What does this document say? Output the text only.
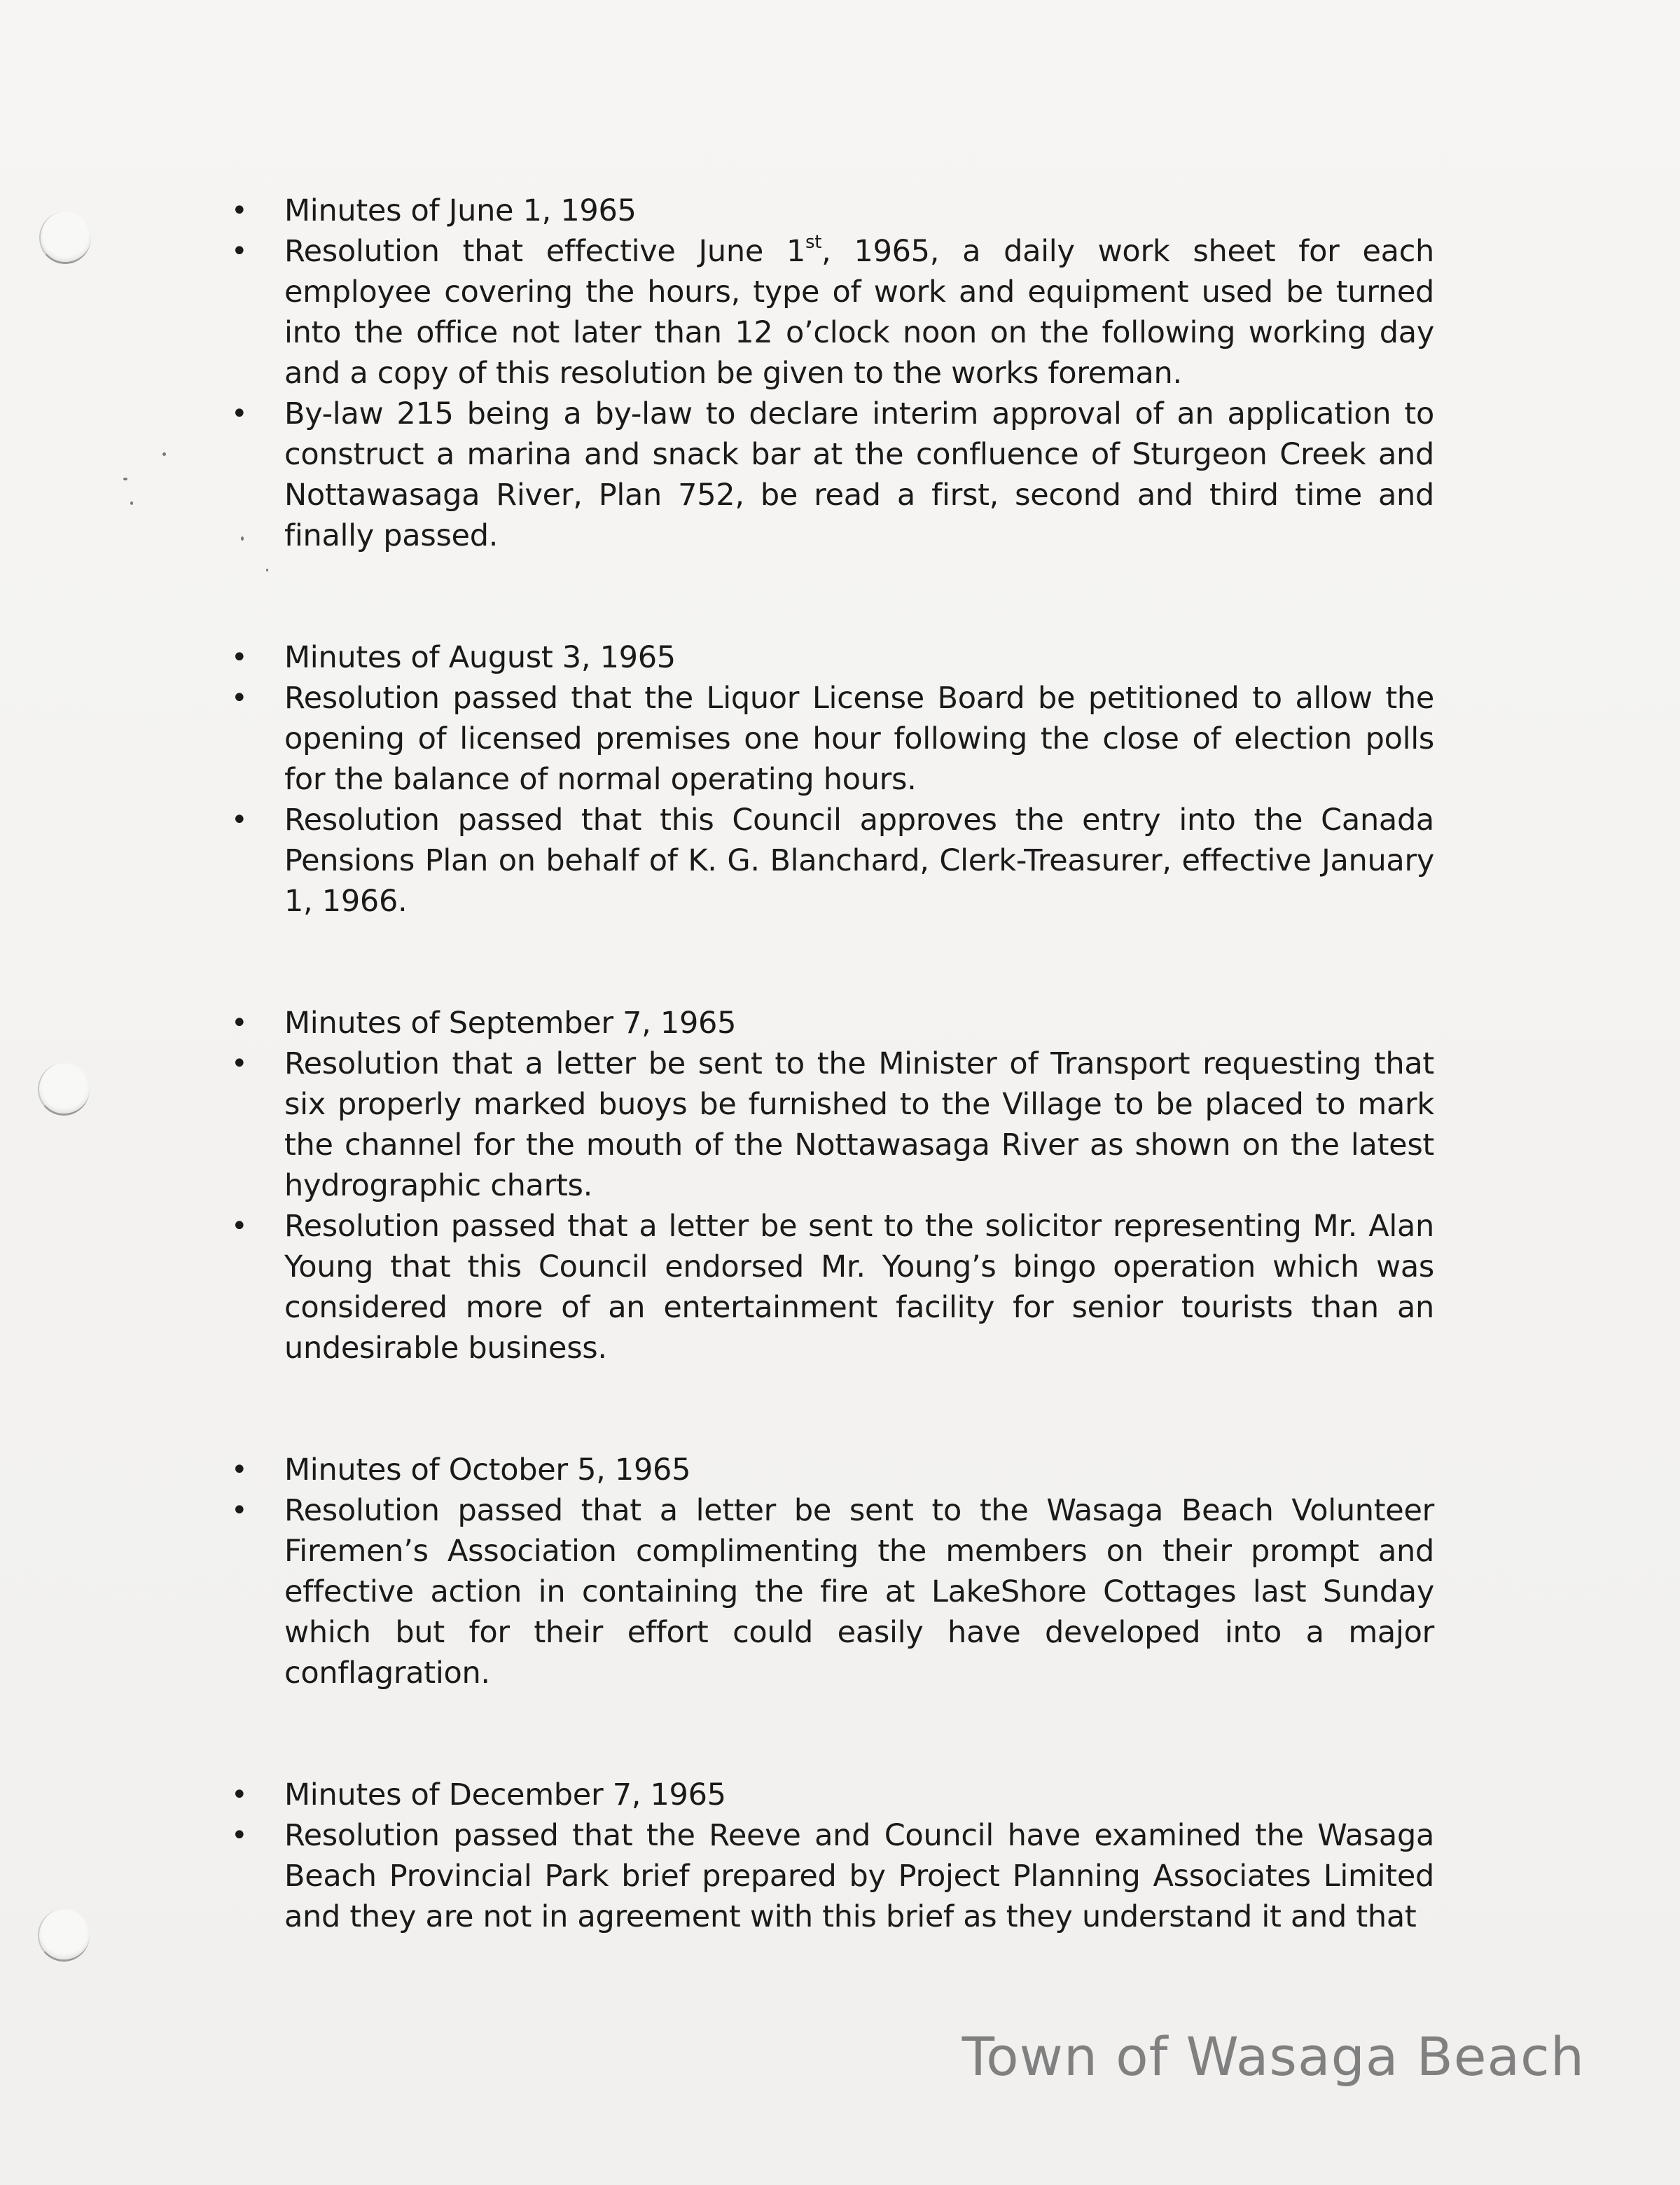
• Minutes of June 1, 1965
• Resolution that effective June 1st, 1965, a daily work sheet for each employee covering the hours, type of work and equipment used be turned into the office not later than 12 o’clock noon on the following working day and a copy of this resolution be given to the works foreman.
• By-law 215 being a by-law to declare interim approval of an application to construct a marina and snack bar at the confluence of Sturgeon Creek and Nottawasaga River, Plan 752, be read a first, second and third time and finally passed.
• Minutes of August 3, 1965
• Resolution passed that the Liquor License Board be petitioned to allow the opening of licensed premises one hour following the close of election polls for the balance of normal operating hours.
• Resolution passed that this Council approves the entry into the Canada Pensions Plan on behalf of K. G. Blanchard, Clerk-Treasurer, effective January 1, 1966.
• Minutes of September 7, 1965
• Resolution that a letter be sent to the Minister of Transport requesting that six properly marked buoys be furnished to the Village to be placed to mark the channel for the mouth of the Nottawasaga River as shown on the latest hydrographic charts.
• Resolution passed that a letter be sent to the solicitor representing Mr. Alan Young that this Council endorsed Mr. Young’s bingo operation which was considered more of an entertainment facility for senior tourists than an undesirable business.
• Minutes of October 5, 1965
• Resolution passed that a letter be sent to the Wasaga Beach Volunteer Firemen’s Association complimenting the members on their prompt and effective action in containing the fire at LakeShore Cottages last Sunday which but for their effort could easily have developed into a major conflagration.
• Minutes of December 7, 1965
• Resolution passed that the Reeve and Council have examined the Wasaga Beach Provincial Park brief prepared by Project Planning Associates Limited and they are not in agreement with this brief as they understand it and that
Town of Wasaga Beach
